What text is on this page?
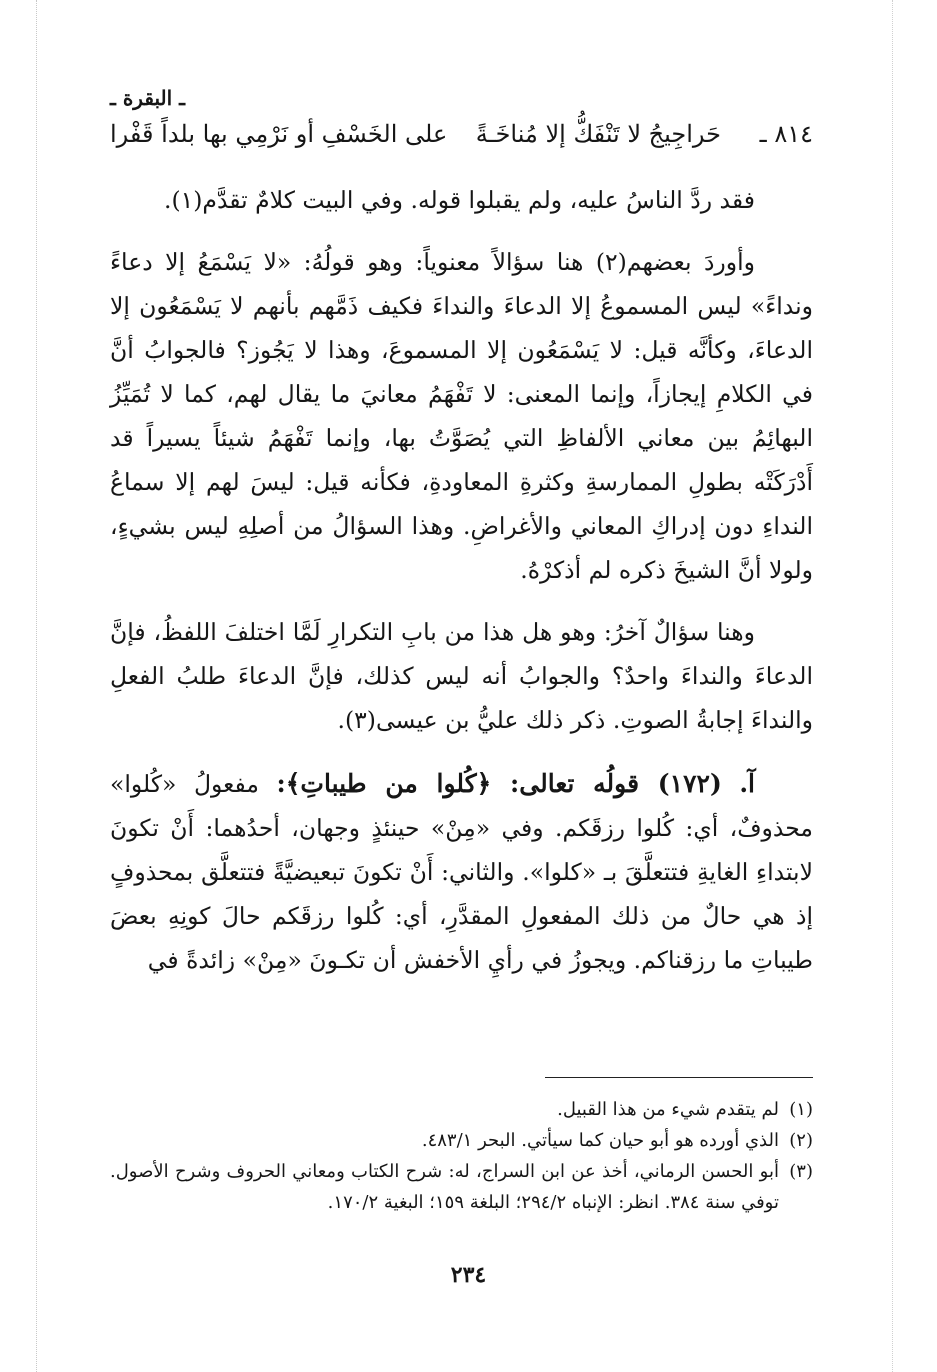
ـ البقرة ـ
٨١٤ ـ
حَراجِيجُ لا تَنْفَكُّ إلا مُناخَـةً
على الخَسْفِ أو نَرْمِي بها بلداً قَفْرا

فقد ردَّ الناسُ عليه، ولم يقبلوا قوله. وفي البيت كلامٌ تقدَّم(١).

وأوردَ بعضهم(٢) هنا سؤالاً معنوياً: وهو قولُهُ: «لا يَسْمَعُ إلا دعاءً ونداءً» ليس المسموعُ إلا الدعاءَ والنداءَ فكيف ذَمَّهم بأنهم لا يَسْمَعُون إلا الدعاءَ، وكأنَّه قيل: لا يَسْمَعُون إلا المسموعَ، وهذا لا يَجُوز؟ فالجوابُ أنَّ في الكلامِ إيجازاً، وإنما المعنى: لا تَفْهَمُ معانيَ ما يقال لهم، كما لا تُمَيِّزُ البهائِمُ بين معاني الألفاظِ التي يُصَوَّتُ بها، وإنما تَفْهَمُ شيئاً يسيراً قد أَدْرَكَتْه بطولِ الممارسةِ وكثرةِ المعاودةِ، فكأنه قيل: ليسَ لهم إلا سماعُ النداءِ دون إدراكِ المعاني والأغراضِ. وهذا السؤالُ من أصلِهِ ليس بشيءٍ، ولولا أنَّ الشيخَ ذكره لم أذكرْهُ.

وهنا سؤالٌ آخرُ: وهو هل هذا من بابِ التكرارِ لَمَّا اختلفَ اللفظُ، فإنَّ الدعاءَ والنداءَ واحدٌ؟ والجوابُ أنه ليس كذلك، فإنَّ الدعاءَ طلبُ الفعلِ والنداءَ إجابةُ الصوتِ. ذكر ذلك عليُّ بن عيسى(٣).

آ. (١٧٢) قولُه تعالى: ﴿كُلوا من طيباتِ﴾: مفعولُ «كُلوا» محذوفٌ، أي: كُلوا رزقَكم. وفي «مِنْ» حينئذٍ وجهان، أحدُهما: أَنْ تكونَ لابتداءِ الغايةِ فتتعلَّقَ بـ «كلوا». والثاني: أَنْ تكونَ تبعيضيَّةً فتتعلَّق بمحذوفٍ إذ هي حالٌ من ذلك المفعولِ المقدَّرِ، أي: كُلوا رزقَكم حالَ كونِهِ بعضَ طيباتِ ما رزقناكم. ويجوزُ في رأيِ الأخفش أن تكـونَ «مِنْ» زائدةً في

(١)
لم يتقدم شيء من هذا القبيل.
(٢)
الذي أورده هو أبو حيان كما سيأتي. البحر ٤٨٣/١.
(٣)
أبو الحسن الرماني، أخذ عن ابن السراج، له: شرح الكتاب ومعاني الحروف وشرح الأصول. توفي سنة ٣٨٤. انظر: الإنباه ٢٩٤/٢؛ البلغة ١٥٩؛ البغية ١٧٠/٢.
٢٣٤
